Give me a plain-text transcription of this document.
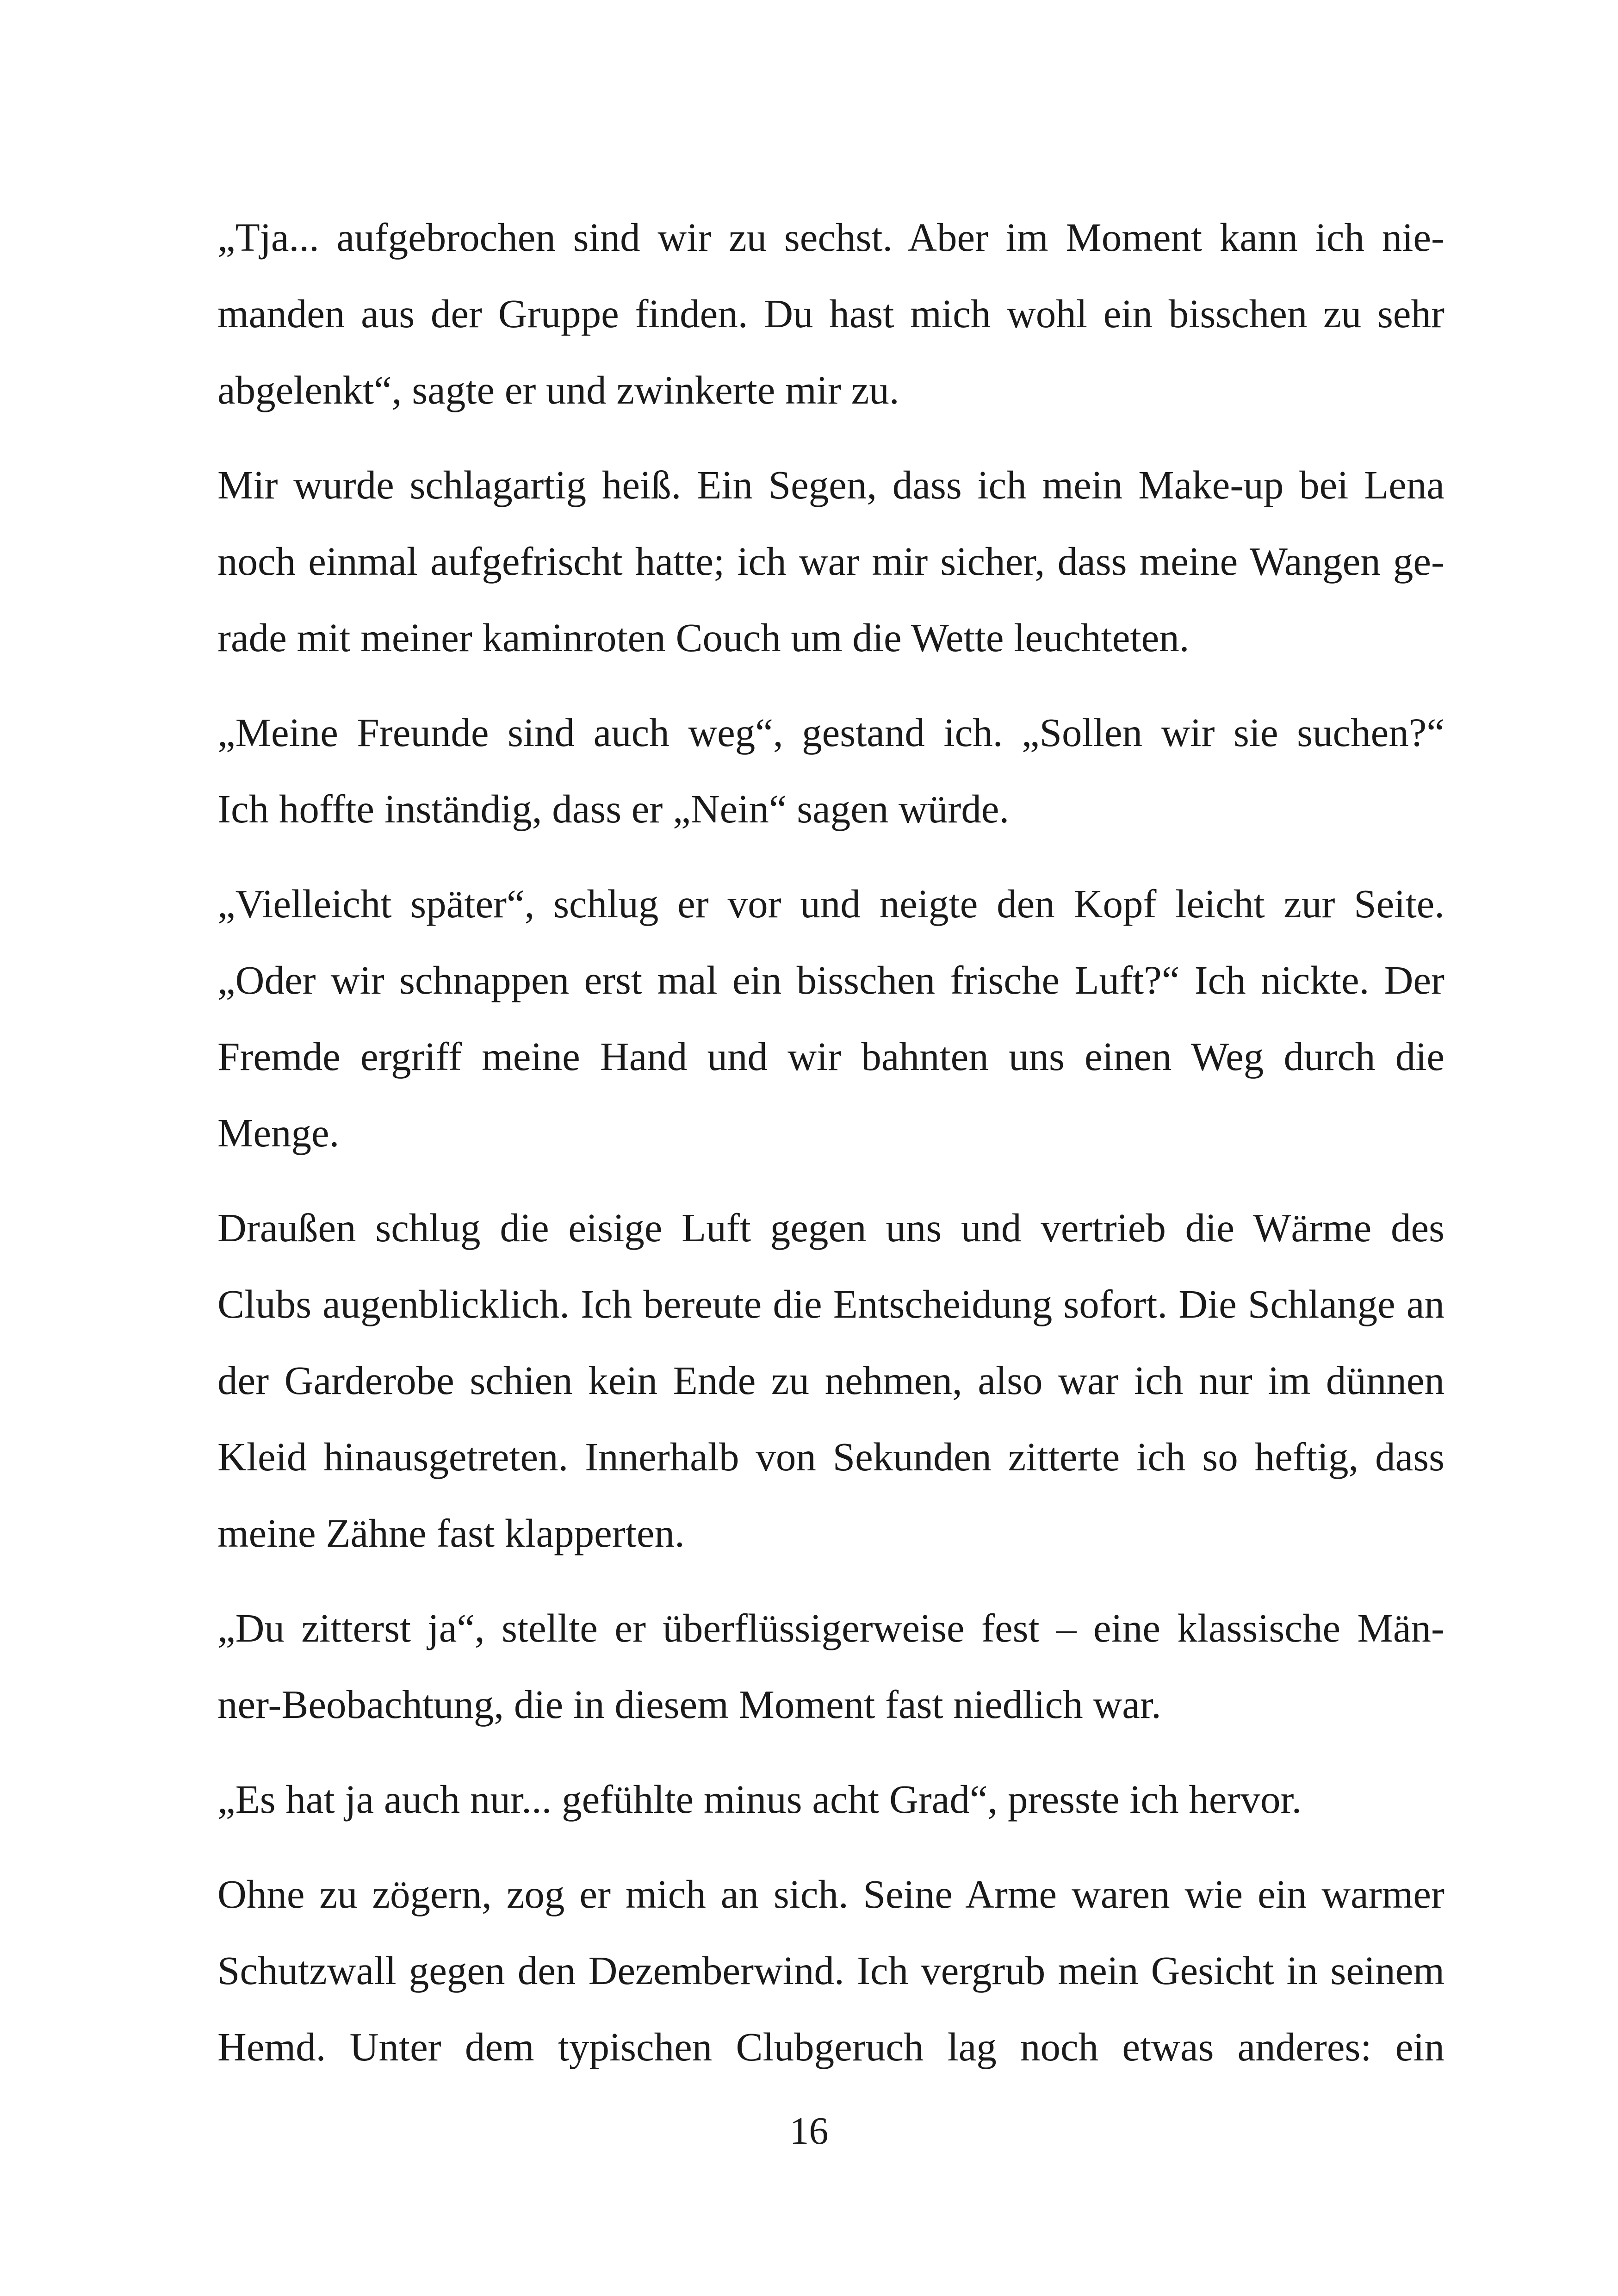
„Tja... aufgebrochen sind wir zu sechst. Aber im Moment kann ich nie-
manden aus der Gruppe finden. Du hast mich wohl ein bisschen zu sehr
abgelenkt“, sagte er und zwinkerte mir zu.

Mir wurde schlagartig heiß. Ein Segen, dass ich mein Make-up bei Lena
noch einmal aufgefrischt hatte; ich war mir sicher, dass meine Wangen ge-
rade mit meiner kaminroten Couch um die Wette leuchteten.

„Meine Freunde sind auch weg“, gestand ich. „Sollen wir sie suchen?“
Ich hoffte inständig, dass er „Nein“ sagen würde.

„Vielleicht später“, schlug er vor und neigte den Kopf leicht zur Seite.
„Oder wir schnappen erst mal ein bisschen frische Luft?“ Ich nickte. Der
Fremde ergriff meine Hand und wir bahnten uns einen Weg durch die
Menge.

Draußen schlug die eisige Luft gegen uns und vertrieb die Wärme des
Clubs augenblicklich. Ich bereute die Entscheidung sofort. Die Schlange an
der Garderobe schien kein Ende zu nehmen, also war ich nur im dünnen
Kleid hinausgetreten. Innerhalb von Sekunden zitterte ich so heftig, dass
meine Zähne fast klapperten.

„Du zitterst ja“, stellte er überflüssigerweise fest – eine klassische Män-
ner-Beobachtung, die in diesem Moment fast niedlich war.

„Es hat ja auch nur... gefühlte minus acht Grad“, presste ich hervor.

Ohne zu zögern, zog er mich an sich. Seine Arme waren wie ein warmer
Schutzwall gegen den Dezemberwind. Ich vergrub mein Gesicht in seinem
Hemd. Unter dem typischen Clubgeruch lag noch etwas anderes: ein

16
